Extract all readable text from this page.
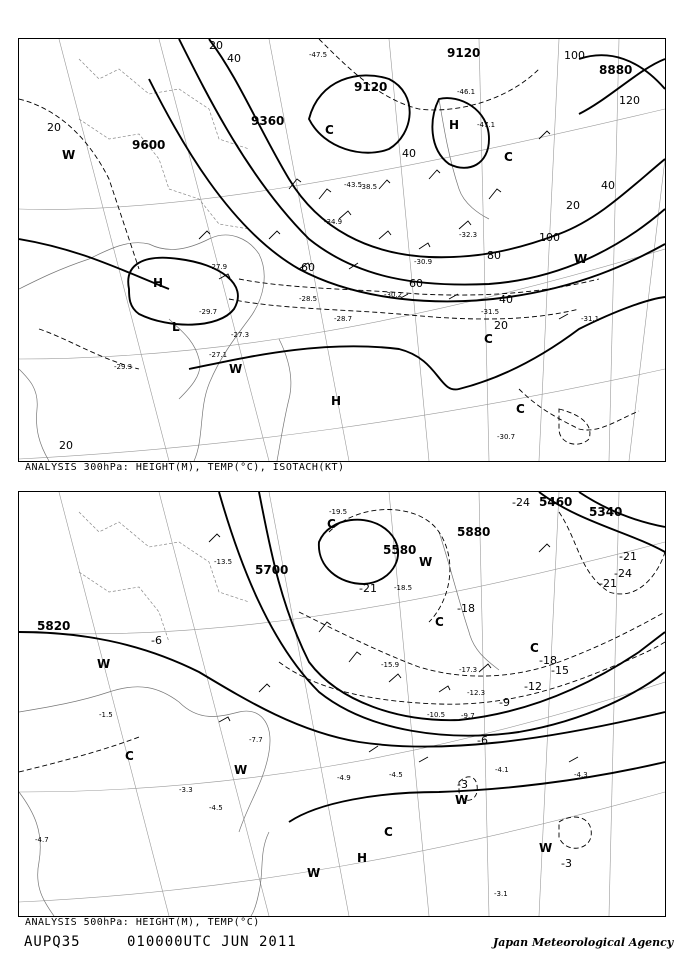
9120
8880
9360
9600
9120
20
40
60
80
100
120
40
20
60
40
20
100
40
20
20
H
H
H
C
C
C
L
W
W
W
C
-47.5
-43.5
-38.5
-30.9
-28.5
-27.9
-27.1
-31.5
-30.7
-32.3
-29.7
-34.9
-46.1
-47.1
-31.1
-30.2
-28.7
-27.3
-29.3
ANALYSIS 300hPa: HEIGHT(M), TEMP(°C), ISOTACH(KT)
5580
5460
5340
5700
5820
5880
-24
-21
-18
-21
-24
-21
-15
-12
-9
-6
-3
-18
-6
-3
C
C
C
C
H
W
W
W
W
W
C
W
-19.5
-18.5
-17.3
-15.9
-13.5
-4.5
-4.1
-4.3
-3.1
-4.9
-12.3
-9.7
-4.7
-4.5
-3.3
-1.5	-10.5
-7.7
ANALYSIS 500hPa: HEIGHT(M), TEMP(°C)
AUPQ35	010000UTC JUN 2011	Japan Meteorological Agency
